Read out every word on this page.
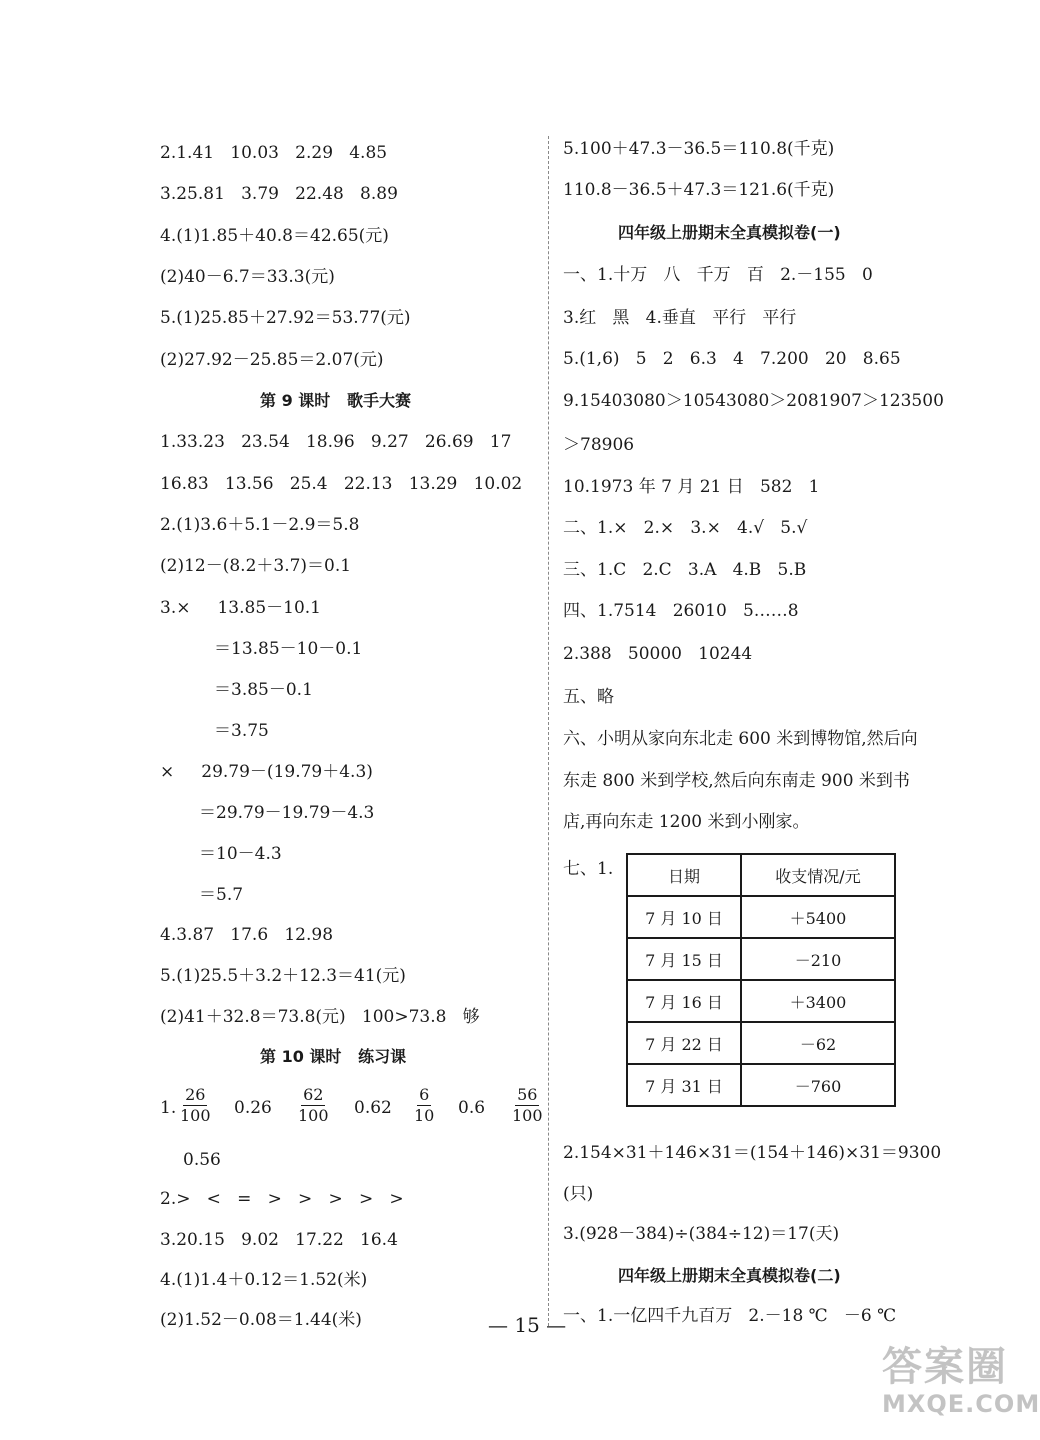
2.1.41   10.03   2.29   4.85
3.25.81   3.79   22.48   8.89
4.(1)1.85＋40.8＝42.65(元)
(2)40－6.7＝33.3(元)
5.(1)25.85＋27.92＝53.77(元)
(2)27.92－25.85＝2.07(元)
第 9 课时   歌手大赛
1.33.23   23.54   18.96   9.27   26.69   17
16.83   13.56   25.4   22.13   13.29   10.02
2.(1)3.6＋5.1－2.9＝5.8
(2)12－(8.2＋3.7)＝0.1
3.×     13.85－10.1
＝13.85－10－0.1
＝3.85－0.1
＝3.75
×     29.79－(19.79＋4.3)
＝29.79－19.79－4.3
＝10－4.3
＝5.7
4.3.87   17.6   12.98
5.(1)25.5＋3.2＋12.3＝41(元)
(2)41＋32.8＝73.8(元)   100>73.8   够
第 10 课时   练习课
1. $\frac{26}{100} 0.26 \frac{62}{100} 0.62 \frac{6}{10} 0.6 \frac{56}{100}$
0.56
2.>   <   =   >   >   >   >   >
3.20.15   9.02   17.22   16.4
4.(1)1.4＋0.12＝1.52(米)
(2)1.52－0.08＝1.44(米)
5.100＋47.3－36.5＝110.8(千克)
110.8－36.5＋47.3＝121.6(千克)
四年级上册期末全真模拟卷(一)
一、1.十万   八   千万   百   2.－155   0
3.红   黑   4.垂直   平行   平行
5.(1,6)   5   2   6.3   4   7.200   20   8.65
9.15403080＞10543080＞2081907＞123500
＞78906
10.1973 年 7 月 21 日   582   1
二、1.×   2.×   3.×   4.√   5.√
三、1.C   2.C   3.A   4.B   5.B
四、1.7514   26010   5……8
2.388   50000   10244
五、略
六、小明从家向东北走 600 米到博物馆,然后向
东走 800 米到学校,然后向东南走 900 米到书
店,再向东走 1200 米到小刚家。
七、1.	日期	收支情况/元
7 月 10 日	＋5400
7 月 15 日	－210
7 月 16 日	＋3400
7 月 22 日	－62
7 月 31 日	－760
2.154×31＋146×31＝(154＋146)×31＝9300
(只)
3.(928－384)÷(384÷12)＝17(天)
四年级上册期末全真模拟卷(二)
一、1.一亿四千九百万   2.－18 ℃   －6 ℃
— 15 —
答案圈
MXQE.COM
